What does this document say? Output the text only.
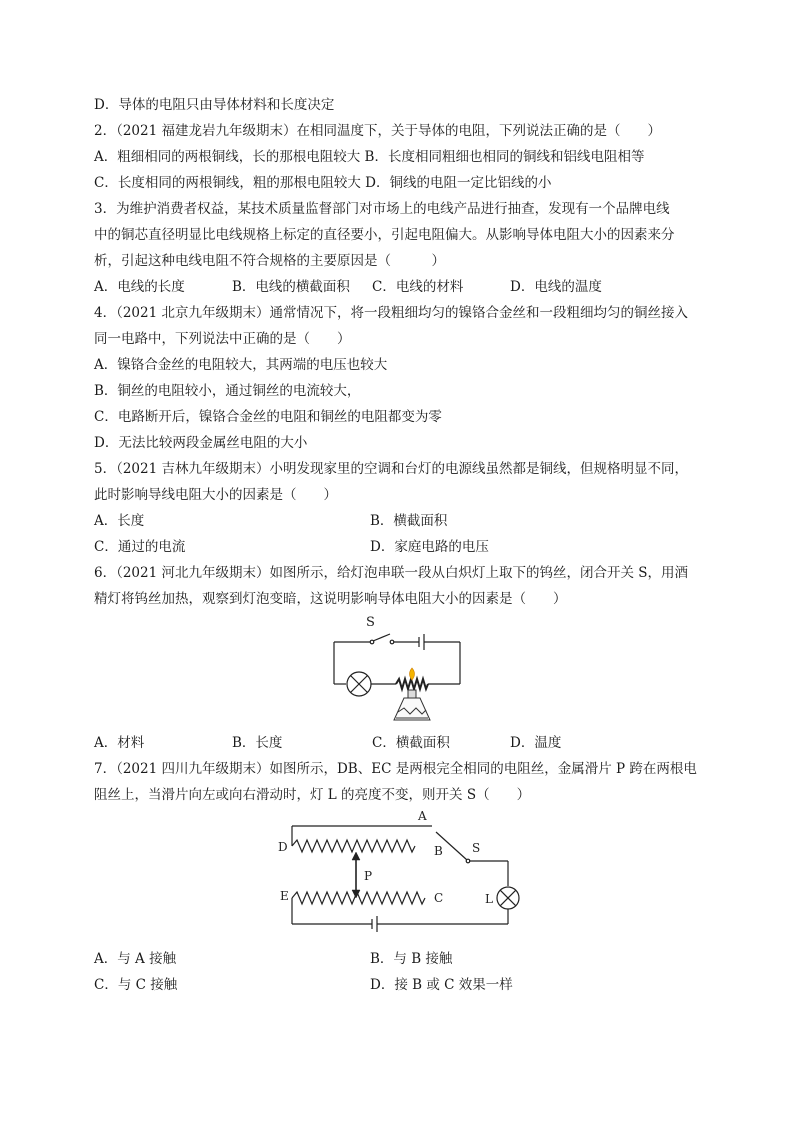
D．导体的电阻只由导体材料和长度决定
2．（2021 福建龙岩九年级期末）在相同温度下，关于导体的电阻，下列说法正确的是（　　）
A．粗细相同的两根铜线，长的那根电阻较大 B．长度相同粗细也相同的铜线和铝线电阻相等
C．长度相同的两根铜线，粗的那根电阻较大 D．铜线的电阻一定比铝线的小
3．为维护消费者权益，某技术质量监督部门对市场上的电线产品进行抽查，发现有一个品牌电线
中的铜芯直径明显比电线规格上标定的直径要小，引起电阻偏大。从影响导体电阻大小的因素来分
析，引起这种电线电阻不符合规格的主要原因是（　　　）
A．电线的长度	B．电线的横截面积	C．电线的材料	D．电线的温度
4．（2021 北京九年级期末）通常情况下，将一段粗细均匀的镍铬合金丝和一段粗细均匀的铜丝接入
同一电路中，下列说法中正确的是（　　）
A．镍铬合金丝的电阻较大，其两端的电压也较大
B．铜丝的电阻较小，通过铜丝的电流较大，
C．电路断开后，镍铬合金丝的电阻和铜丝的电阻都变为零
D．无法比较两段金属丝电阻的大小
5．（2021 吉林九年级期末）小明发现家里的空调和台灯的电源线虽然都是铜线，但规格明显不同，
此时影响导线电阻大小的因素是（　　）
A．长度	B．横截面积
C．通过的电流	D．家庭电路的电压
6．（2021 河北九年级期末）如图所示，给灯泡串联一段从白炽灯上取下的钨丝，闭合开关 S，用酒
精灯将钨丝加热，观察到灯泡变暗，这说明影响导体电阻大小的因素是（　　）
S
A．材料	B．长度	C．横截面积	D．温度
7．（2021 四川九年级期末）如图所示，DB、EC 是两根完全相同的电阻丝，金属滑片 P 跨在两根电
阻丝上，当滑片向左或向右滑动时，灯 L 的亮度不变，则开关 S（　　）
A
D	B S
P
E	C	L
A．与 A 接触	B．与 B 接触
C．与 C 接触	D．接 B 或 C 效果一样
